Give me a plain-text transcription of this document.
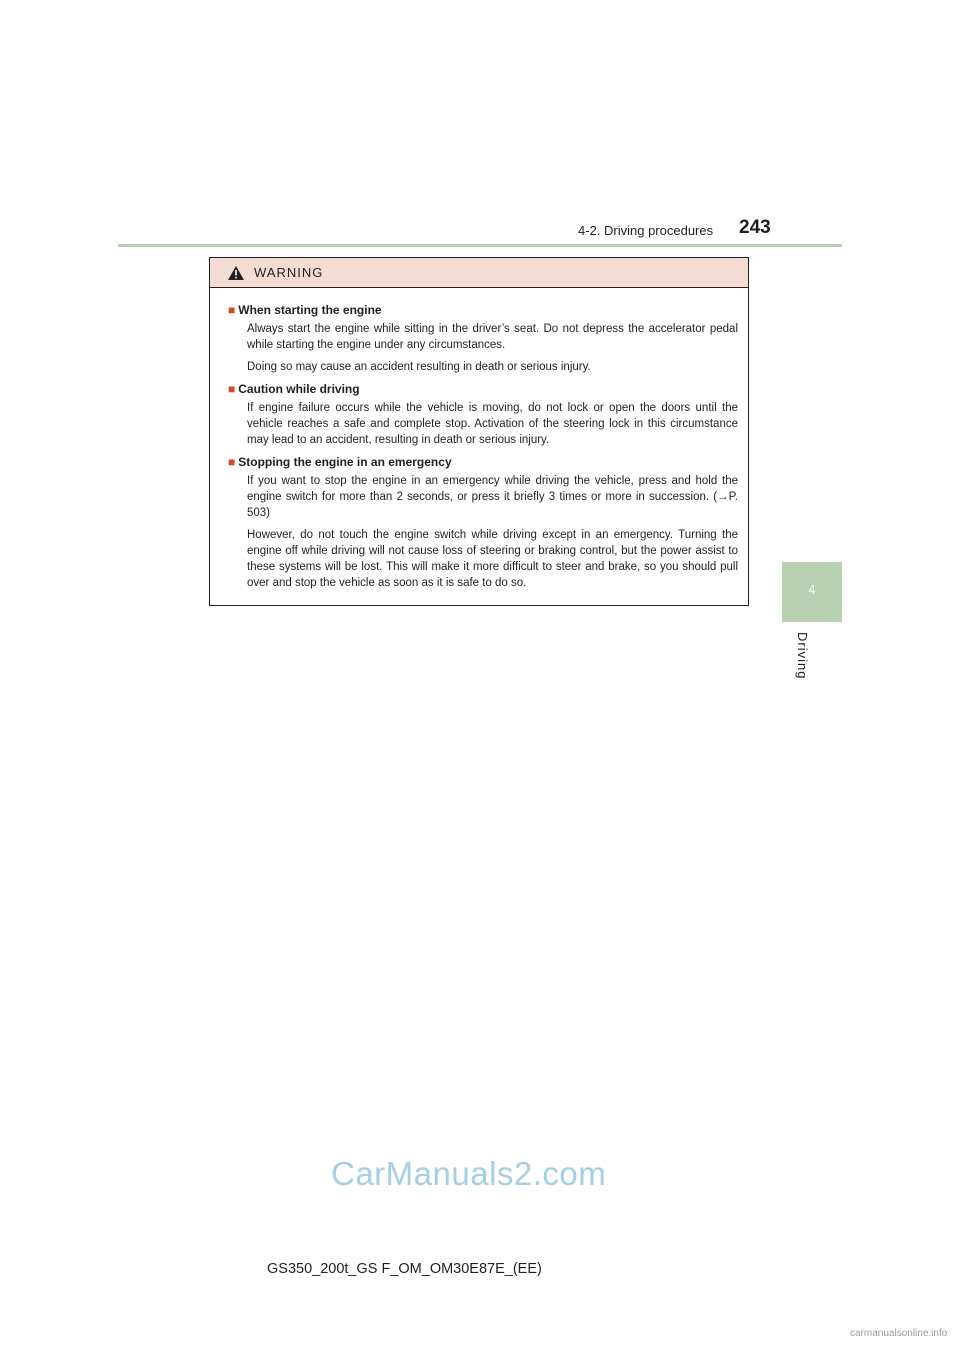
4-2. Driving procedures 243
4
Driving
WARNING
■ When starting the engine

Always start the engine while sitting in the driver’s seat. Do not depress the accelerator pedal while starting the engine under any circumstances.

Doing so may cause an accident resulting in death or serious injury.

■ Caution while driving

If engine failure occurs while the vehicle is moving, do not lock or open the doors until the vehicle reaches a safe and complete stop. Activation of the steering lock in this circumstance may lead to an accident, resulting in death or serious injury.

■ Stopping the engine in an emergency

If you want to stop the engine in an emergency while driving the vehicle, press and hold the engine switch for more than 2 seconds, or press it briefly 3 times or more in succession. (→P. 503)

However, do not touch the engine switch while driving except in an emergency. Turning the engine off while driving will not cause loss of steering or braking control, but the power assist to these systems will be lost. This will make it more difficult to steer and brake, so you should pull over and stop the vehicle as soon as it is safe to do so.

CarManuals2.com
GS350_200t_GS F_OM_OM30E87E_(EE)
carmanualsonline.info
